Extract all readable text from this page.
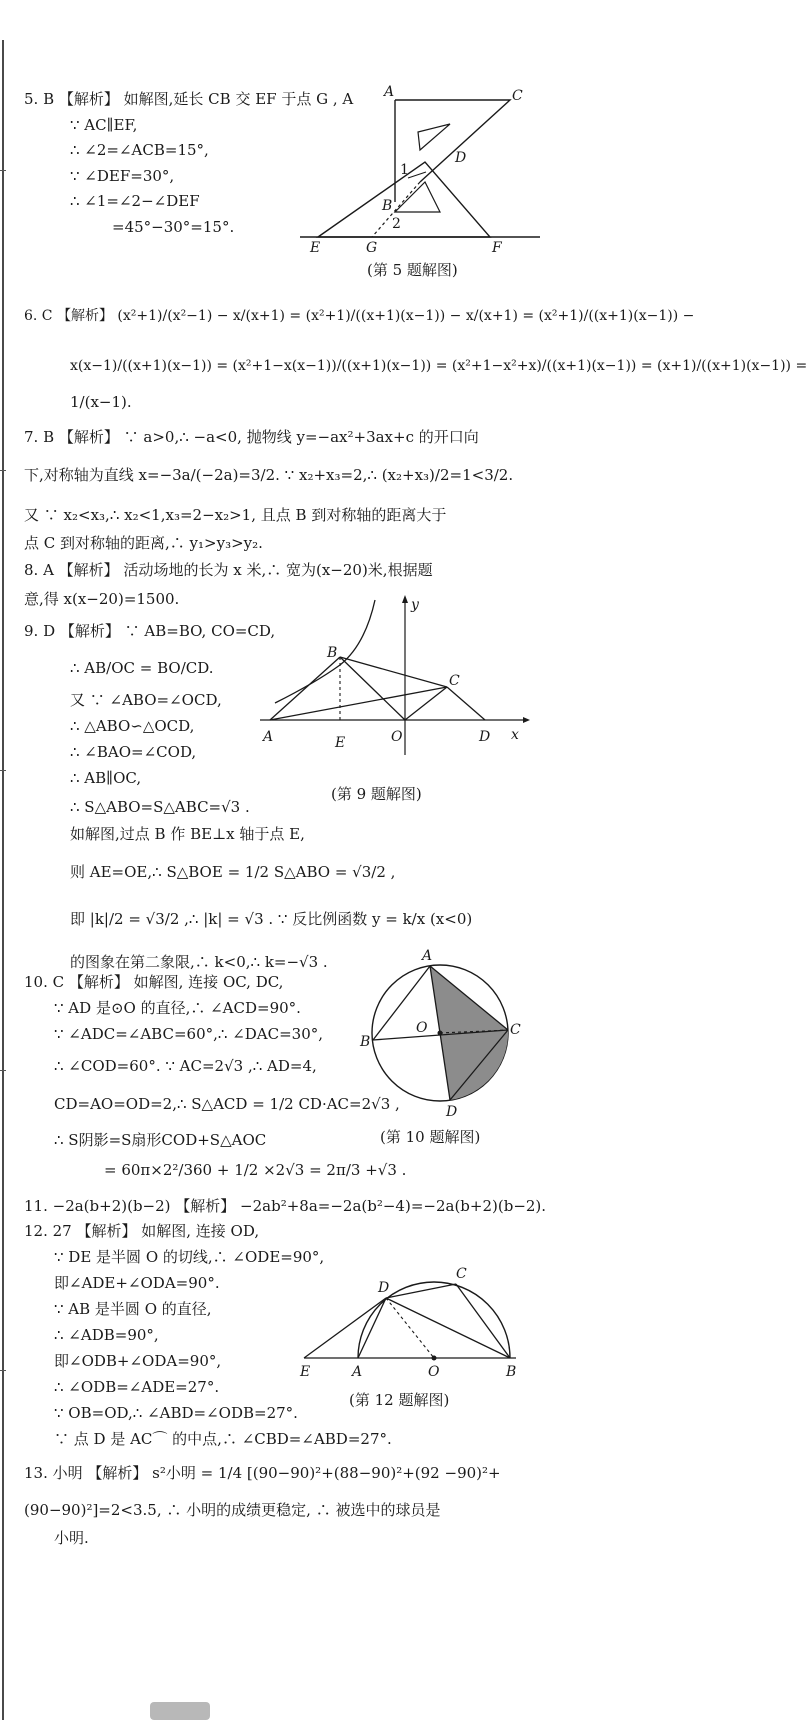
5. B 【解析】 如解图,延长 CB 交 EF 于点 G , A
∵ AC∥EF,
∴ ∠2=∠ACB=15°,
∵ ∠DEF=30°,
∴ ∠1=∠2−∠DEF
=45°−30°=15°.
A	C
D
B
E	G	F
1
2
(第 5 题解图)
6. C 【解析】 (x²+1)/(x²−1) − x/(x+1) = (x²+1)/((x+1)(x−1)) − x/(x+1) = (x²+1)/((x+1)(x−1)) −
x(x−1)/((x+1)(x−1)) = (x²+1−x(x−1))/((x+1)(x−1)) = (x²+1−x²+x)/((x+1)(x−1)) = (x+1)/((x+1)(x−1)) =
1/(x−1).
7. B 【解析】 ∵ a>0,∴ −a<0, 抛物线 y=−ax²+3ax+c 的开口向
下,对称轴为直线 x=−3a/(−2a)=3/2. ∵ x₂+x₃=2,∴ (x₂+x₃)/2=1<3/2.
又 ∵ x₂<x₃,∴ x₂<1,x₃=2−x₂>1, 且点 B 到对称轴的距离大于
点 C 到对称轴的距离,∴ y₁>y₃>y₂.
8. A 【解析】 活动场地的长为 x 米,∴ 宽为(x−20)米,根据题
意,得 x(x−20)=1500.
9. D 【解析】 ∵ AB=BO, CO=CD,
∴ AB/OC = BO/CD.
又 ∵ ∠ABO=∠OCD,
∴ △ABO∽△OCD,
∴ ∠BAO=∠COD,
∴ AB∥OC,
∴ S△ABO=S△ABC=√3 .
如解图,过点 B 作 BE⊥x 轴于点 E,
则 AE=OE,∴ S△BOE = 1/2 S△ABO = √3/2 ,
即 |k|/2 = √3/2 ,∴ |k| = √3 . ∵ 反比例函数 y = k/x (x<0)
的图象在第二象限,∴ k<0,∴ k=−√3 .
y
B
C
A	E	O	D x
(第 9 题解图)
10. C 【解析】 如解图, 连接 OC, DC,
∵ AD 是⊙O 的直径,∴ ∠ACD=90°.
∵ ∠ADC=∠ABC=60°,∴ ∠DAC=30°,
∴ ∠COD=60°. ∵ AC=2√3 ,∴ AD=4,
CD=AO=OD=2,∴ S△ACD = 1/2 CD·AC=2√3 ,
∴ S阴影=S扇形COD+S△AOC
= 60π×2²/360 + 1/2 ×2√3 = 2π/3 +√3 .
A
O
B
C
D
(第 10 题解图)
11. −2a(b+2)(b−2) 【解析】 −2ab²+8a=−2a(b²−4)=−2a(b+2)(b−2).
12. 27 【解析】 如解图, 连接 OD,
∵ DE 是半圆 O 的切线,∴ ∠ODE=90°,
即∠ADE+∠ODA=90°.
∵ AB 是半圆 O 的直径,
∴ ∠ADB=90°,
即∠ODB+∠ODA=90°,
∴ ∠ODB=∠ADE=27°.
∵ OB=OD,∴ ∠ABD=∠ODB=27°.
∵ 点 D 是 AC⌒ 的中点,∴ ∠CBD=∠ABD=27°.
D
C
E	A	O	B
(第 12 题解图)
13. 小明 【解析】 s²小明 = 1/4 [(90−90)²+(88−90)²+(92 −90)²+
(90−90)²]=2<3.5, ∴ 小明的成绩更稳定, ∴ 被选中的球员是
小明.
